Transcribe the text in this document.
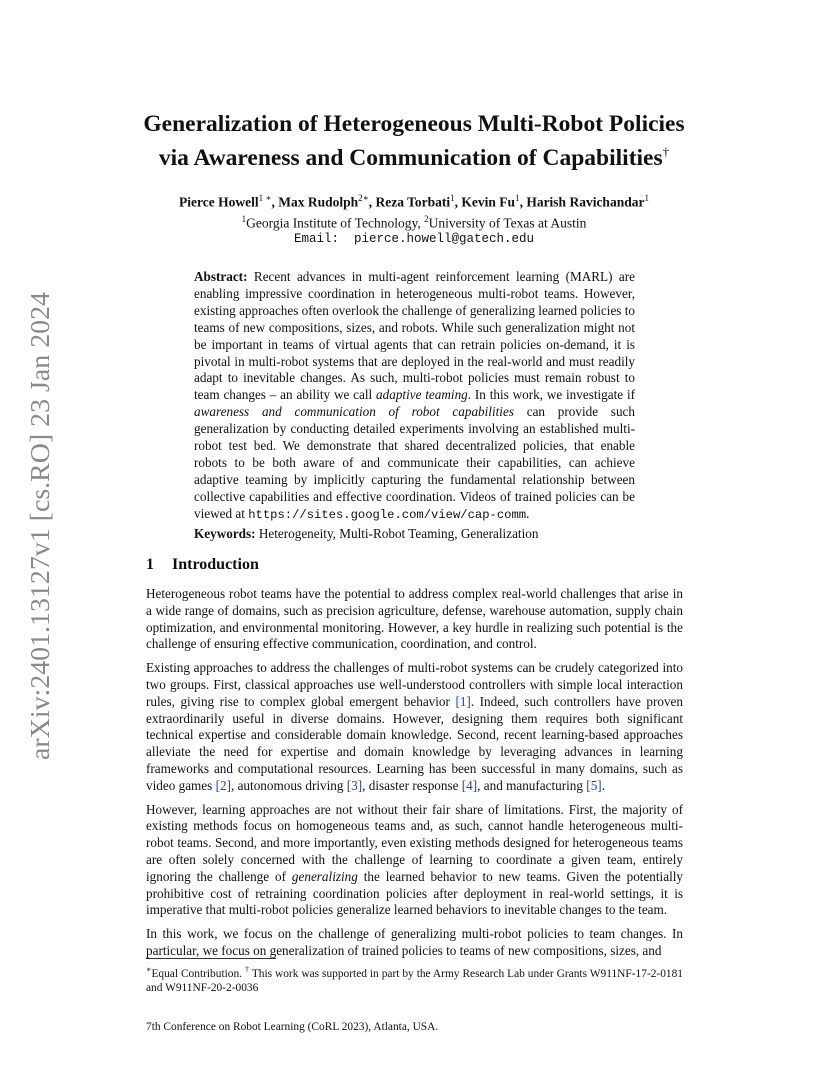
arXiv:2401.13127v1 [cs.RO] 23 Jan 2024
Generalization of Heterogeneous Multi-Robot Policies
via Awareness and Communication of Capabilities†
Pierce Howell$^{1 ∗}$, Max Rudolph$^{2∗}$, Reza Torbati$^1$, Kevin Fu$^1$, Harish Ravichandar$^1$
$^1$Georgia Institute of Technology, $^2$University of Texas at Austin
Email: pierce.howell@gatech.edu
Abstract: Recent advances in multi-agent reinforcement learning (MARL) are enabling impressive coordination in heterogeneous multi-robot teams. However, existing approaches often overlook the challenge of generalizing learned policies to teams of new compositions, sizes, and robots. While such generalization might not be important in teams of virtual agents that can retrain policies on-demand, it is pivotal in multi-robot systems that are deployed in the real-world and must readily adapt to inevitable changes. As such, multi-robot policies must remain robust to team changes – an ability we call adaptive teaming. In this work, we investigate if awareness and communication of robot capabilities can provide such generalization by conducting detailed experiments involving an established multi-robot test bed. We demonstrate that shared decentralized policies, that enable robots to be both aware of and communicate their capabilities, can achieve adaptive teaming by implicitly capturing the fundamental relationship between collective capabilities and effective coordination. Videos of trained policies can be viewed at https://sites.google.com/view/cap-comm.
Keywords: Heterogeneity, Multi-Robot Teaming, Generalization
1 Introduction

Heterogeneous robot teams have the potential to address complex real-world challenges that arise in a wide range of domains, such as precision agriculture, defense, warehouse automation, supply chain optimization, and environmental monitoring. However, a key hurdle in realizing such potential is the challenge of ensuring effective communication, coordination, and control.

Existing approaches to address the challenges of multi-robot systems can be crudely categorized into two groups. First, classical approaches use well-understood controllers with simple local interaction rules, giving rise to complex global emergent behavior [1]. Indeed, such controllers have proven extraordinarily useful in diverse domains. However, designing them requires both significant technical expertise and considerable domain knowledge. Second, recent learning-based approaches alleviate the need for expertise and domain knowledge by leveraging advances in learning frameworks and computational resources. Learning has been successful in many domains, such as video games [2], autonomous driving [3], disaster response [4], and manufacturing [5].

However, learning approaches are not without their fair share of limitations. First, the majority of existing methods focus on homogeneous teams and, as such, cannot handle heterogeneous multi-robot teams. Second, and more importantly, even existing methods designed for heterogeneous teams are often solely concerned with the challenge of learning to coordinate a given team, entirely ignoring the challenge of generalizing the learned behavior to new teams. Given the potentially prohibitive cost of retraining coordination policies after deployment in real-world settings, it is imperative that multi-robot policies generalize learned behaviors to inevitable changes to the team.

In this work, we focus on the challenge of generalizing multi-robot policies to team changes. In particular, we focus on generalization of trained policies to teams of new compositions, sizes, and

∗Equal Contribution. † This work was supported in part by the Army Research Lab under Grants W911NF-17-2-0181 and W911NF-20-2-0036
7th Conference on Robot Learning (CoRL 2023), Atlanta, USA.
